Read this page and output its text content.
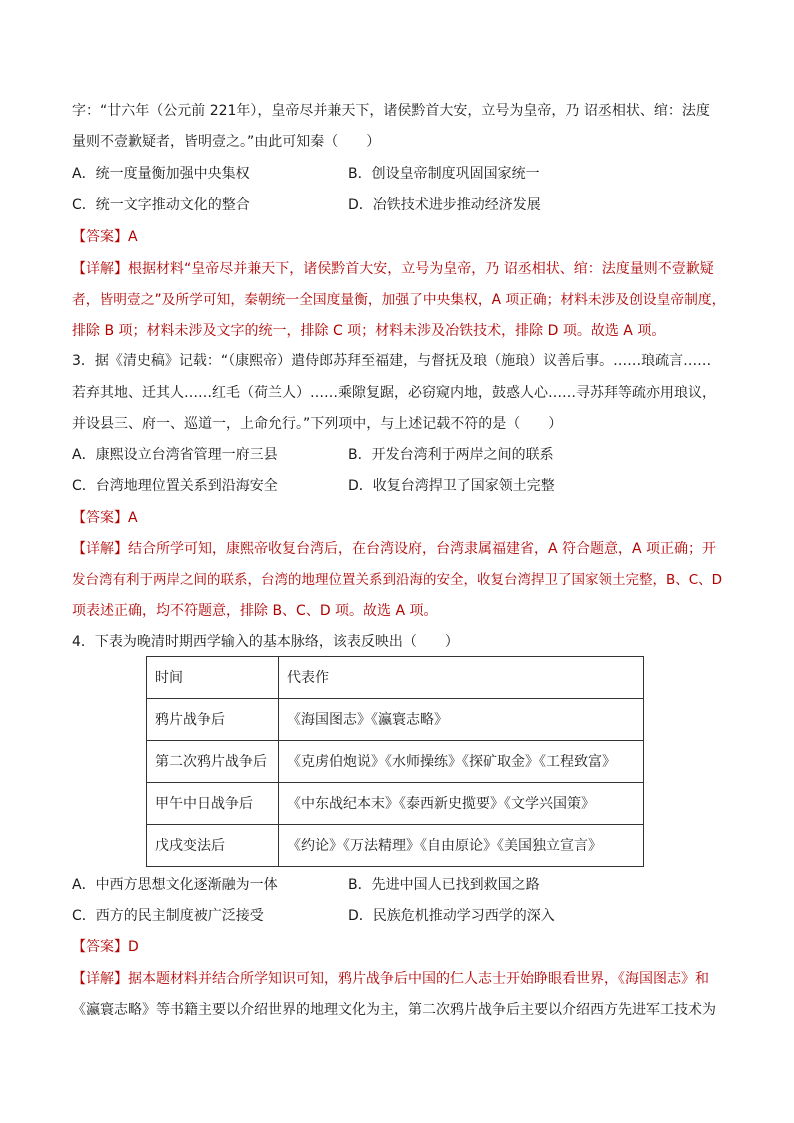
字：“廿六年（公元前 221年），皇帝尽并兼天下，诸侯黔首大安，立号为皇帝，乃 诏丞相状、绾：法度
量则不壹歉疑者，皆明壹之。”由此可知秦（　　）
A．统一度量衡加强中央集权	B．创设皇帝制度巩固国家统一
C．统一文字推动文化的整合	D．冶铁技术进步推动经济发展
【答案】A
【详解】根据材料“皇帝尽并兼天下，诸侯黔首大安，立号为皇帝，乃 诏丞相状、绾：法度量则不壹歉疑
者，皆明壹之”及所学可知，秦朝统一全国度量衡，加强了中央集权，A 项正确；材料未涉及创设皇帝制度，
排除 B 项；材料未涉及文字的统一，排除 C 项；材料未涉及冶铁技术，排除 D 项。故选 A 项。
3．据《清史稿》记载：“（康熙帝）遣侍郎苏拜至福建，与督抚及琅（施琅）议善后事。……琅疏言……
若弃其地、迁其人……红毛（荷兰人）……乘隙复踞，必窃窥内地，鼓惑人心……寻苏拜等疏亦用琅议，
并设县三、府一、巡道一，上命允行。”下列项中，与上述记载不符的是（　　）
A．康熙设立台湾省管理一府三县	B．开发台湾利于两岸之间的联系
C．台湾地理位置关系到沿海安全	D．收复台湾捍卫了国家领土完整
【答案】A
【详解】结合所学可知，康熙帝收复台湾后，在台湾设府，台湾隶属福建省，A 符合题意，A 项正确；开
发台湾有利于两岸之间的联系，台湾的地理位置关系到沿海的安全，收复台湾捍卫了国家领土完整，B、C、D
项表述正确，均不符题意，排除 B、C、D 项。故选 A 项。
4．下表为晚清时期西学输入的基本脉络，该表反映出（　　）
时间	代表作
鸦片战争后	《海国图志》《瀛寰志略》
第二次鸦片战争后	《克虏伯炮说》《水师操练》《探矿取金》《工程致富》
甲午中日战争后	《中东战纪本末》《泰西新史揽要》《文学兴国策》
戊戌变法后	《约论》《万法精理》《自由原论》《美国独立宣言》
A．中西方思想文化逐渐融为一体	B．先进中国人已找到救国之路
C．西方的民主制度被广泛接受	D．民族危机推动学习西学的深入
【答案】D
【详解】据本题材料并结合所学知识可知，鸦片战争后中国的仁人志士开始睁眼看世界，《海国图志》和
《瀛寰志略》等书籍主要以介绍世界的地理文化为主，第二次鸦片战争后主要以介绍西方先进军工技术为
